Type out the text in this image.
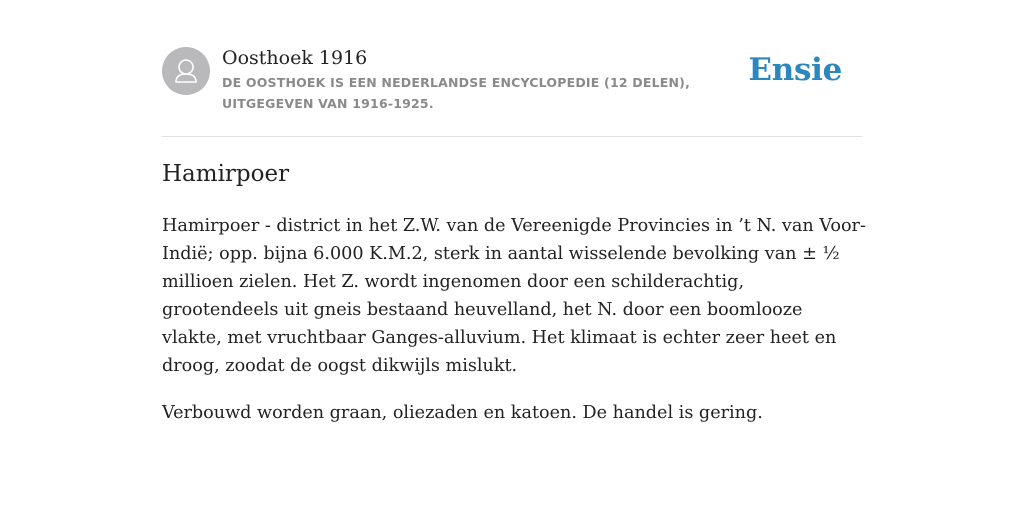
Oosthoek 1916

DE OOSTHOEK IS EEN NEDERLANDSE ENCYCLOPEDIE (12 DELEN), UITGEGEVEN VAN 1916-1925.

Ensie
Hamirpoer

Hamirpoer - district in het Z.W. van de Vereenigde Provincies in ’t N. van Voor-Indië; opp. bijna 6.000 K.M.2, sterk in aantal wisselende bevolking van ± ½ millioen zielen. Het Z. wordt ingenomen door een schilderachtig, grootendeels uit gneis bestaand heuvelland, het N. door een boomlooze vlakte, met vruchtbaar Ganges-alluvium. Het klimaat is echter zeer heet en droog, zoodat de oogst dikwijls mislukt.

Verbouwd worden graan, oliezaden en katoen. De handel is gering.
